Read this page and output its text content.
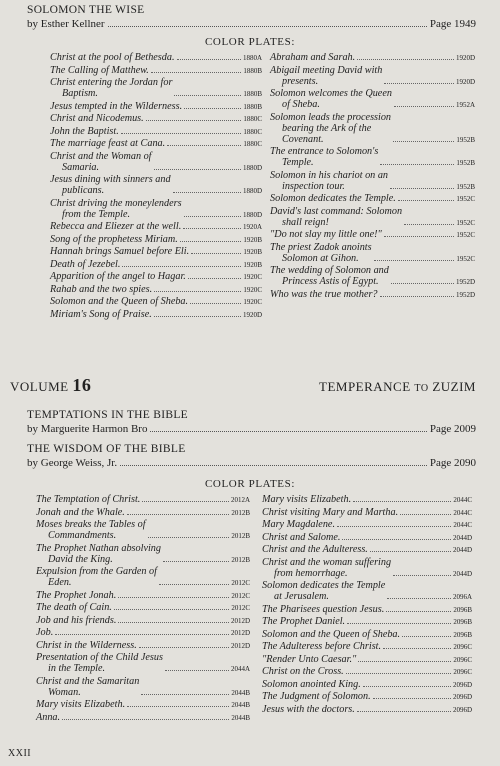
SOLOMON THE WISE
by Esther Kellner	Page 1949
COLOR PLATES:
Christ at the pool of Bethesda.	1880A
The Calling of Matthew.	1880B
Christ entering the Jordan for
Baptism.	1880B
Jesus tempted in the Wilderness.	1880B
Christ and Nicodemus.	1880C
John the Baptist.	1880C
The marriage feast at Cana.	1880C
Christ and the Woman of
Samaria.	1880D
Jesus dining with sinners and
publicans.	1880D
Christ driving the moneylenders
from the Temple.	1880D
Rebecca and Eliezer at the well.	1920A
Song of the prophetess Miriam.	1920B
Hannah brings Samuel before Eli.	1920B
Death of Jezebel.	1920B
Apparition of the angel to Hagar.	1920C
Rahab and the two spies.	1920C
Solomon and the Queen of Sheba.	1920C
Miriam's Song of Praise.	1920D
Abraham and Sarah.	1920D
Abigail meeting David with
presents.	1920D
Solomon welcomes the Queen
of Sheba.	1952A
Solomon leads the procession
bearing the Ark of the
Covenant.	1952B
The entrance to Solomon's
Temple.	1952B
Solomon in his chariot on an
inspection tour.	1952B
Solomon dedicates the Temple.	1952C
David's last command: Solomon
shall reign!	1952C
"Do not slay my little one!"	1952C
The priest Zadok anoints
Solomon at Gihon.	1952C
The wedding of Solomon and
Princess Astis of Egypt.	1952D
Who was the true mother?	1952D
VOLUME 16	TEMPERANCE TO ZUZIM
TEMPTATIONS IN THE BIBLE
by Marguerite Harmon Bro	Page 2009
THE WISDOM OF THE BIBLE
by George Weiss, Jr.	Page 2090
COLOR PLATES:
The Temptation of Christ.	2012A
Jonah and the Whale.	2012B
Moses breaks the Tables of
Commandments.	2012B
The Prophet Nathan absolving
David the King.	2012B
Expulsion from the Garden of
Eden.	2012C
The Prophet Jonah.	2012C
The death of Cain.	2012C
Job and his friends.	2012D
Job.	2012D
Christ in the Wilderness.	2012D
Presentation of the Child Jesus
in the Temple.	2044A
Christ and the Samaritan
Woman.	2044B
Mary visits Elizabeth.	2044B
Anna.	2044B
Mary visits Elizabeth.	2044C
Christ visiting Mary and Martha.	2044C
Mary Magdalene.	2044C
Christ and Salome.	2044D
Christ and the Adulteress.	2044D
Christ and the woman suffering
from hemorrhage.	2044D
Solomon dedicates the Temple
at Jerusalem.	2096A
The Pharisees question Jesus.	2096B
The Prophet Daniel.	2096B
Solomon and the Queen of Sheba.	2096B
The Adulteress before Christ.	2096C
"Render Unto Caesar."	2096C
Christ on the Cross.	2096C
Solomon anointed King.	2096D
The Judgment of Solomon.	2096D
Jesus with the doctors.	2096D
XXII
